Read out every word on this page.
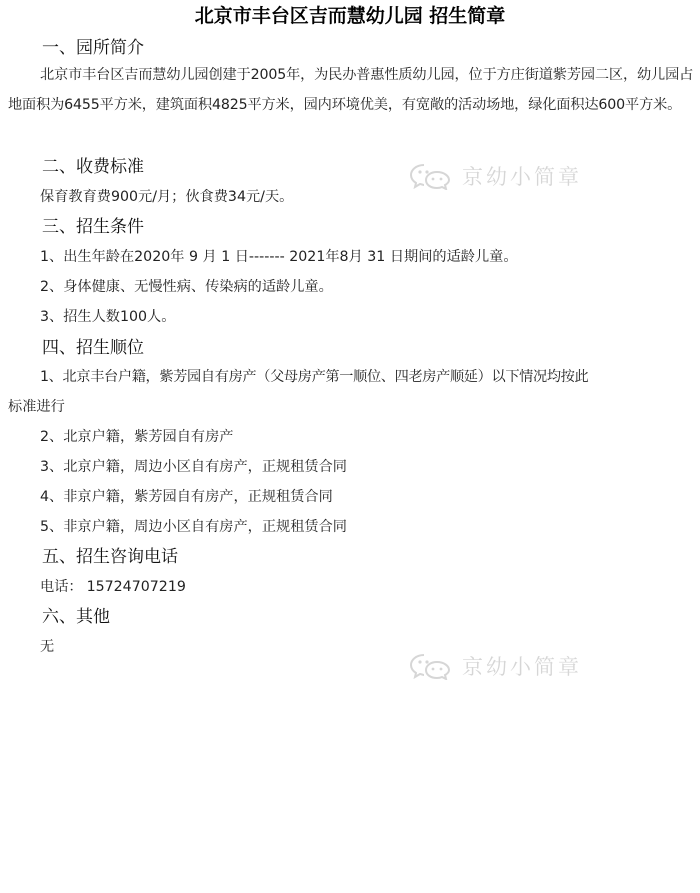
北京市丰台区吉而慧幼儿园 招生简章
一、园所简介
北京市丰台区吉而慧幼儿园创建于2005年，为民办普惠性质幼儿园，位于方庄街道紫芳园二区，幼儿园占地面积为6455平方米，建筑面积4825平方米，园内环境优美，有宽敞的活动场地，绿化面积达600平方米。
二、收费标准
保育教育费900元/月；伙食费34元/天。
三、招生条件
1、出生年龄在2020年 9 月 1 日------- 2021年8月 31 日期间的适龄儿童。
2、身体健康、无慢性病、传染病的适龄儿童。
3、招生人数100人。
四、招生顺位
1、北京丰台户籍，紫芳园自有房产（父母房产第一顺位、四老房产顺延）以下情况均按此
标准进行
2、北京户籍，紫芳园自有房产
3、北京户籍，周边小区自有房产，正规租赁合同
4、非京户籍，紫芳园自有房产，正规租赁合同
5、非京户籍，周边小区自有房产，正规租赁合同
五、招生咨询电话
电话： 15724707219
六、其他
无
京幼小简章
京幼小简章
